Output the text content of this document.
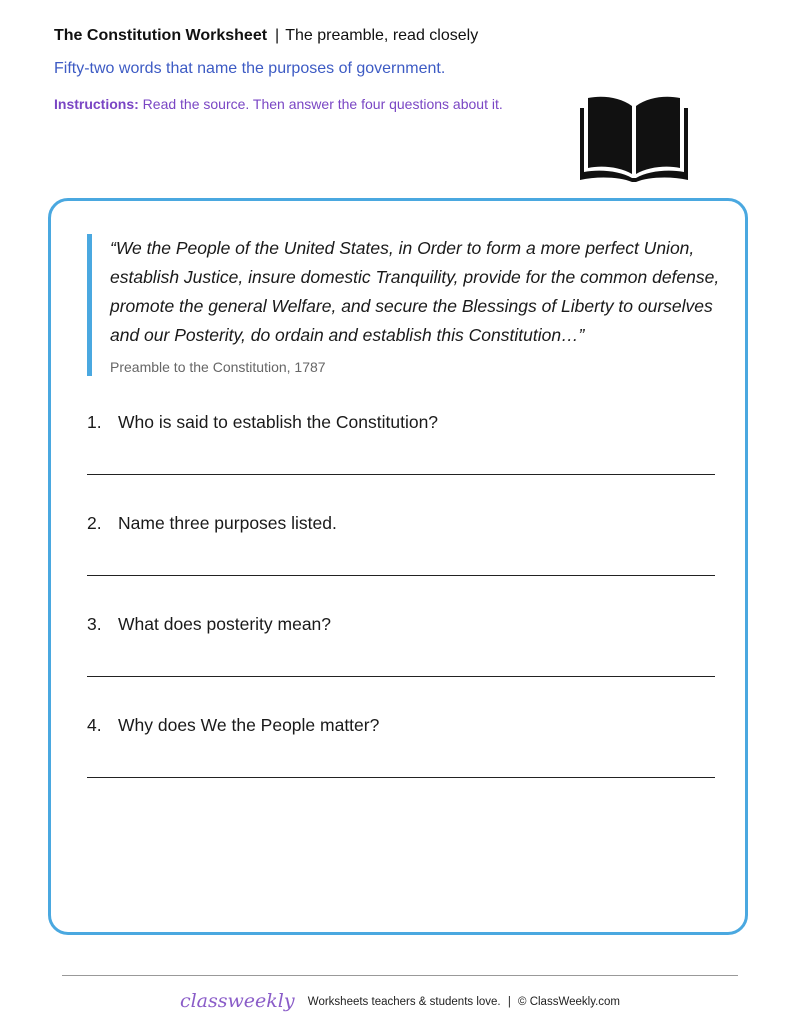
The Constitution Worksheet | The preamble, read closely
Fifty-two words that name the purposes of government.
Instructions: Read the source. Then answer the four questions about it.
“We the People of the United States, in Order to form a more perfect Union, establish Justice, insure domestic Tranquility, provide for the common defense, promote the general Welfare, and secure the Blessings of Liberty to ourselves and our Posterity, do ordain and establish this Constitution…”
Preamble to the Constitution, 1787
1. Who is said to establish the Constitution?
2. Name three purposes listed.
3. What does posterity mean?
4. Why does We the People matter?
classweekly Worksheets teachers & students love. | © ClassWeekly.com
